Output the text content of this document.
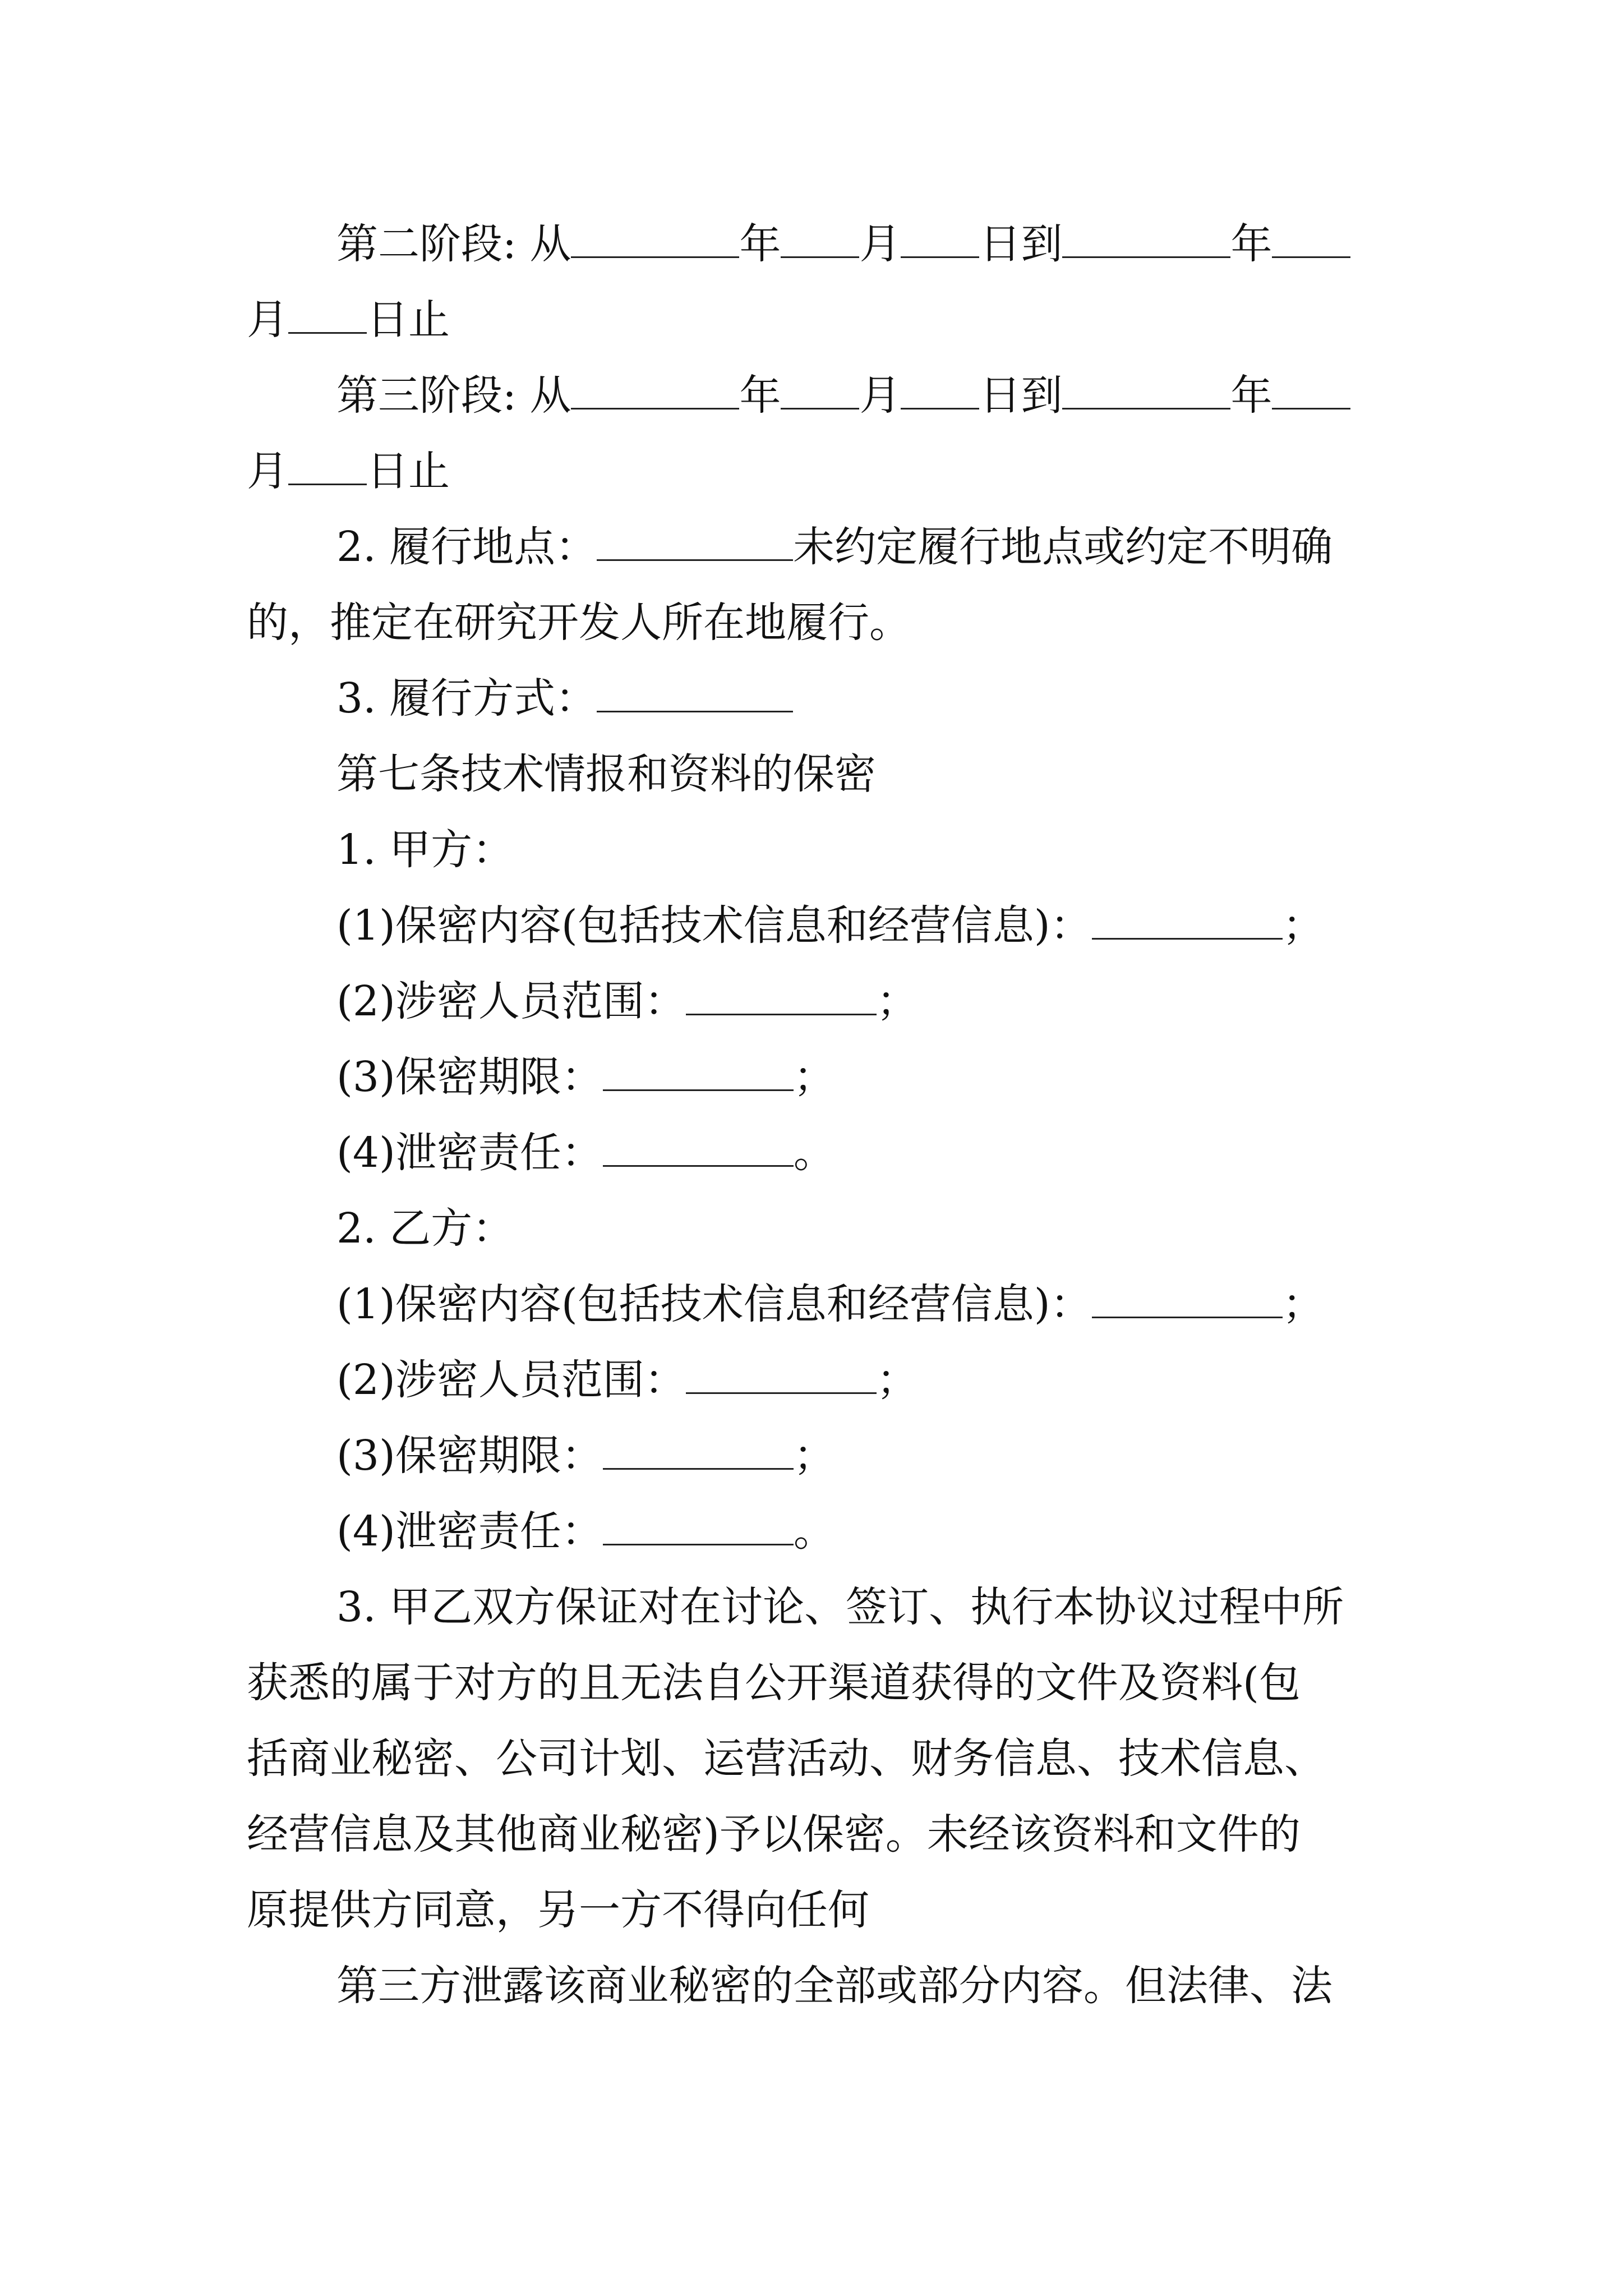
第二阶段: 从	年 月 日到	年

月 日止

第三阶段: 从	年 月 日到	年

月 日止

2. 履行地点：	未约定履行地点或约定不明确

的，推定在研究开发人所在地履行。

3. 履行方式：

第七条技术情报和资料的保密

1. 甲方：

(1)保密内容(包括技术信息和经营信息)：	；

(2)涉密人员范围：	；

(3)保密期限：	；

(4)泄密责任：	。

2. 乙方：

(1)保密内容(包括技术信息和经营信息)：	；

(2)涉密人员范围：	；

(3)保密期限：	；

(4)泄密责任：	。

3. 甲乙双方保证对在讨论、签订、执行本协议过程中所

获悉的属于对方的且无法自公开渠道获得的文件及资料(包

括商业秘密、公司计划、运营活动、财务信息、技术信息、

经营信息及其他商业秘密)予以保密。未经该资料和文件的

原提供方同意，另一方不得向任何

第三方泄露该商业秘密的全部或部分内容。但法律、法
